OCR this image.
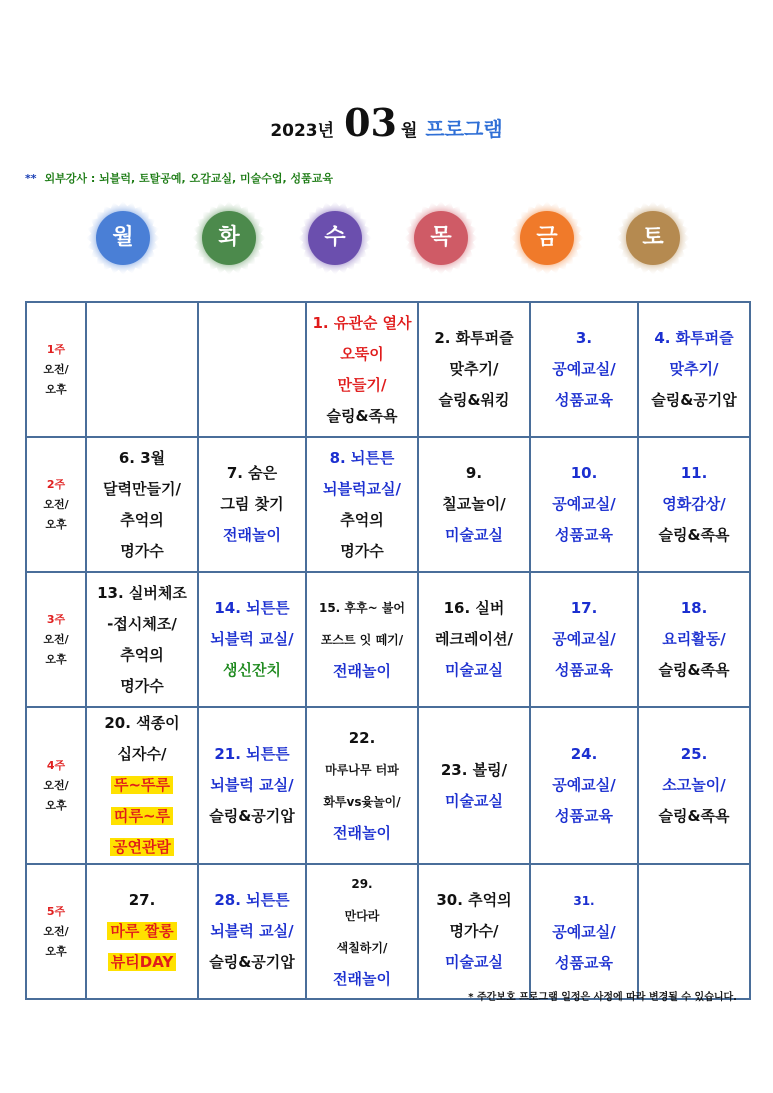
2023년 03 월 프로그램
** 외부강사 : 뇌블럭, 토탈공예, 오감교실, 미술수업, 성품교육
월	화	수	목	금	토
1주
오전/
오후			1. 유관순 열사
오뚝이
만들기/
슬링&족욕	2. 화투퍼즐
맞추기/
슬링&워킹	3.
공예교실/
성품교육	4. 화투퍼즐
맞추기/
슬링&공기압

2주
오전/
오후	6. 3월
달력만들기/
추억의
명가수	7. 숨은
그림 찾기
전래놀이	8. 뇌튼튼
뇌블럭교실/
추억의
명가수	9.
칠교놀이/
미술교실	10.
공예교실/
성품교육	11.
영화감상/
슬링&족욕

3주
오전/
오후	13. 실버체조
-접시체조/
추억의
명가수	14. 뇌튼튼
뇌블럭 교실/
생신잔치	15. 후후~ 불어
포스트 잇 떼기/
전래놀이	16. 실버
레크레이션/
미술교실	17.
공예교실/
성품교육	18.
요리활동/
슬링&족욕

4주
오전/
오후	20. 색종이
십자수/
뚜~뚜루
띠루~루
공연관람	21. 뇌튼튼
뇌블럭 교실/
슬링&공기압	22.
마루나무 터파
화투vs윷놀이/
전래놀이	23. 볼링/
미술교실	24.
공예교실/
성품교육	25.
소고놀이/
슬링&족욕

5주
오전/
오후	27.
마루 짤롱
뷰티DAY	28. 뇌튼튼
뇌블럭 교실/
슬링&공기압	29.
만다라
색칠하기/
전래놀이	30. 추억의
명가수/
미술교실	31.
공예교실/
성품교육	

* 주간보호 프로그램 일정은 사정에 따라 변경될 수 있습니다.
